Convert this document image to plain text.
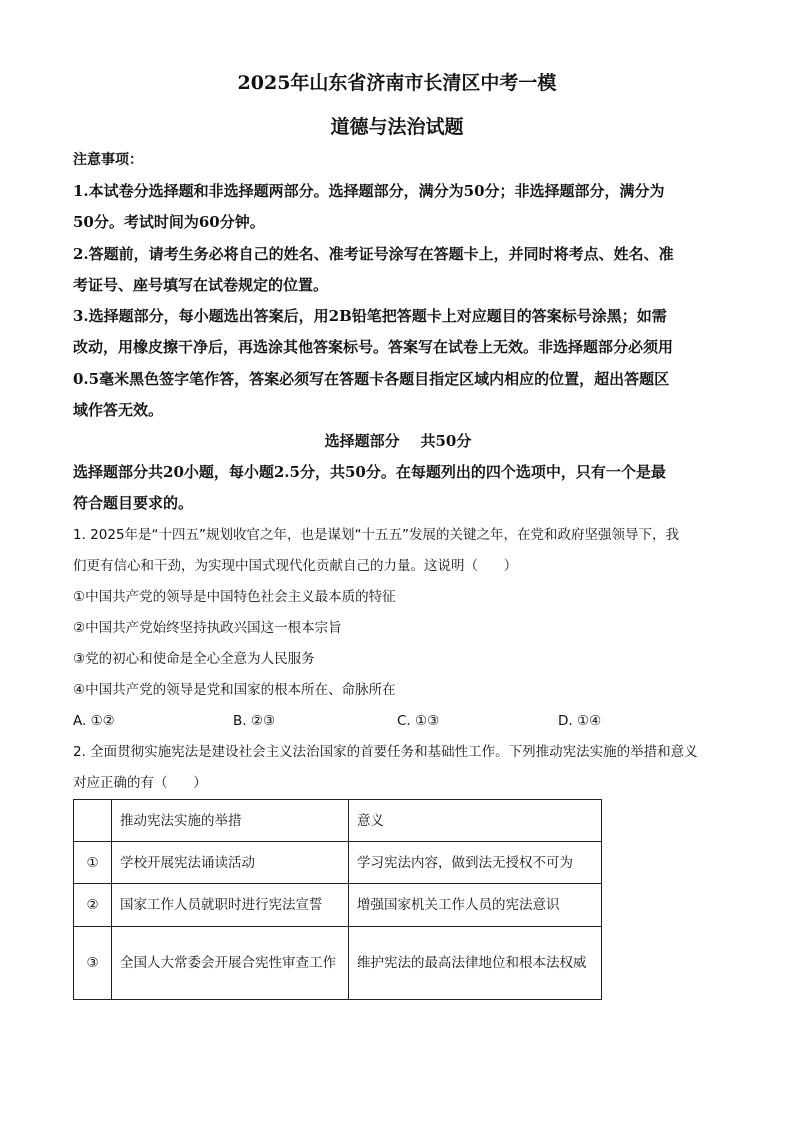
2025年山东省济南市长清区中考一模
道德与法治试题
注意事项：
1.本试卷分选择题和非选择题两部分。选择题部分，满分为50分；非选择题部分，满分为
50分。考试时间为60分钟。
2.答题前，请考生务必将自己的姓名、准考证号涂写在答题卡上，并同时将考点、姓名、准
考证号、座号填写在试卷规定的位置。
3.选择题部分，每小题选出答案后，用2B铅笔把答题卡上对应题目的答案标号涂黑；如需
改动，用橡皮擦干净后，再选涂其他答案标号。答案写在试卷上无效。非选择题部分必须用
0.5毫米黑色签字笔作答，答案必须写在答题卡各题目指定区域内相应的位置，超出答题区
域作答无效。
选择题部分    共50分
选择题部分共20小题，每小题2.5分，共50分。在每题列出的四个选项中，只有一个是最
符合题目要求的。
1. 2025年是“十四五”规划收官之年，也是谋划“十五五”发展的关键之年，在党和政府坚强领导下，我
们更有信心和干劲，为实现中国式现代化贡献自己的力量。这说明（      ）
①中国共产党的领导是中国特色社会主义最本质的特征
②中国共产党始终坚持执政兴国这一根本宗旨
③党的初心和使命是全心全意为人民服务
④中国共产党的领导是党和国家的根本所在、命脉所在
A. ①②	B. ②③	C. ①③	D. ①④
2. 全面贯彻实施宪法是建设社会主义法治国家的首要任务和基础性工作。下列推动宪法实施的举措和意义
对应正确的有（      ）
	推动宪法实施的举措	意义
①	学校开展宪法诵读活动	学习宪法内容，做到法无授权不可为
②	国家工作人员就职时进行宪法宣誓	增强国家机关工作人员的宪法意识
③	全国人大常委会开展合宪性审查工作	维护宪法的最高法律地位和根本法权威
